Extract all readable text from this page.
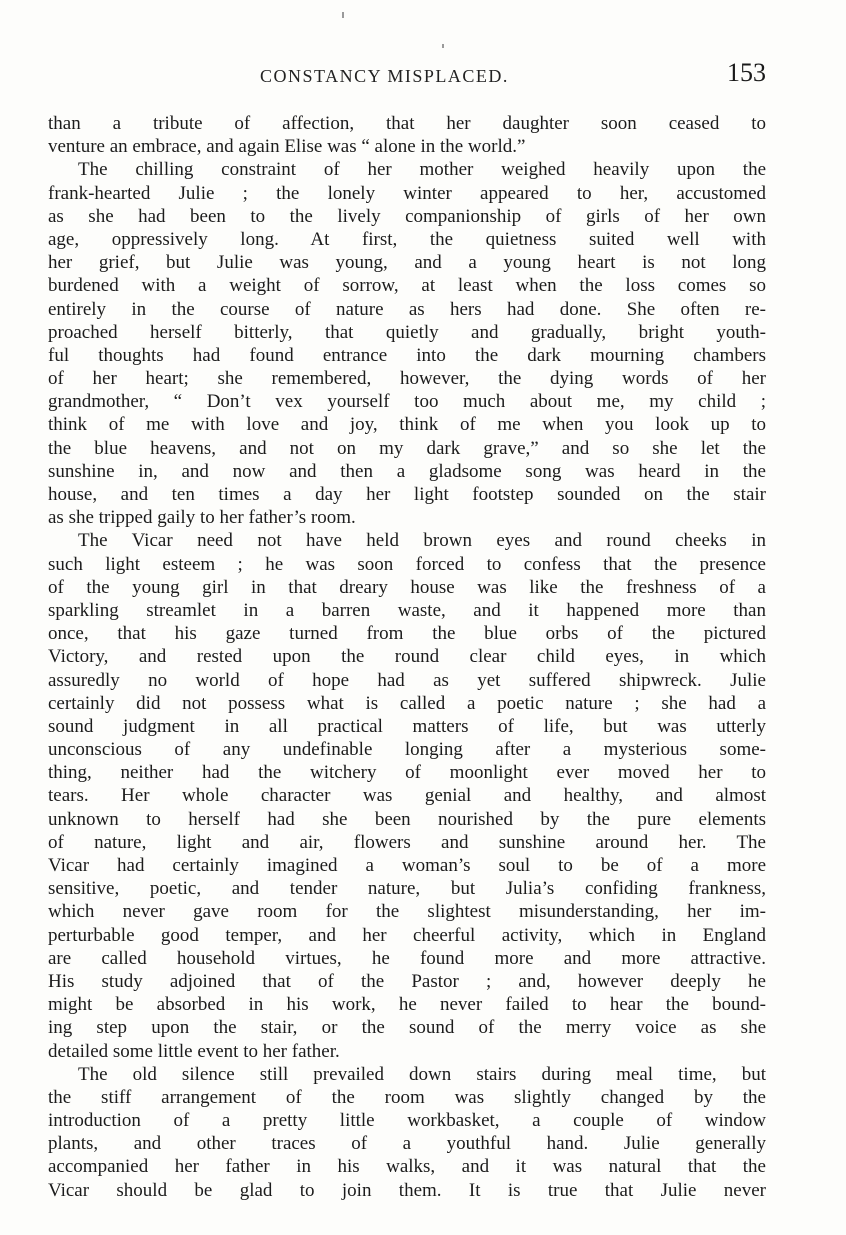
CONSTANCY MISPLACED.	153
than a tribute of affection, that her daughter soon ceased to
venture an embrace, and again Elise was “ alone in the world.”
The chilling constraint of her mother weighed heavily upon the
frank-hearted Julie ; the lonely winter appeared to her, accustomed
as she had been to the lively companionship of girls of her own
age, oppressively long. At first, the quietness suited well with
her grief, but Julie was young, and a young heart is not long
burdened with a weight of sorrow, at least when the loss comes so
entirely in the course of nature as hers had done. She often re-
proached herself bitterly, that quietly and gradually, bright youth-
ful thoughts had found entrance into the dark mourning chambers
of her heart; she remembered, however, the dying words of her
grandmother, “ Don’t vex yourself too much about me, my child ;
think of me with love and joy, think of me when you look up to
the blue heavens, and not on my dark grave,” and so she let the
sunshine in, and now and then a gladsome song was heard in the
house, and ten times a day her light footstep sounded on the stair
as she tripped gaily to her father’s room.
The Vicar need not have held brown eyes and round cheeks in
such light esteem ; he was soon forced to confess that the presence
of the young girl in that dreary house was like the freshness of a
sparkling streamlet in a barren waste, and it happened more than
once, that his gaze turned from the blue orbs of the pictured
Victory, and rested upon the round clear child eyes, in which
assuredly no world of hope had as yet suffered shipwreck. Julie
certainly did not possess what is called a poetic nature ; she had a
sound judgment in all practical matters of life, but was utterly
unconscious of any undefinable longing after a mysterious some-
thing, neither had the witchery of moonlight ever moved her to
tears. Her whole character was genial and healthy, and almost
unknown to herself had she been nourished by the pure elements
of nature, light and air, flowers and sunshine around her. The
Vicar had certainly imagined a woman’s soul to be of a more
sensitive, poetic, and tender nature, but Julia’s confiding frankness,
which never gave room for the slightest misunderstanding, her im-
perturbable good temper, and her cheerful activity, which in England
are called household virtues, he found more and more attractive.
His study adjoined that of the Pastor ; and, however deeply he
might be absorbed in his work, he never failed to hear the bound-
ing step upon the stair, or the sound of the merry voice as she
detailed some little event to her father.
The old silence still prevailed down stairs during meal time, but
the stiff arrangement of the room was slightly changed by the
introduction of a pretty little workbasket, a couple of window
plants, and other traces of a youthful hand. Julie generally
accompanied her father in his walks, and it was natural that the
Vicar should be glad to join them. It is true that Julie never
